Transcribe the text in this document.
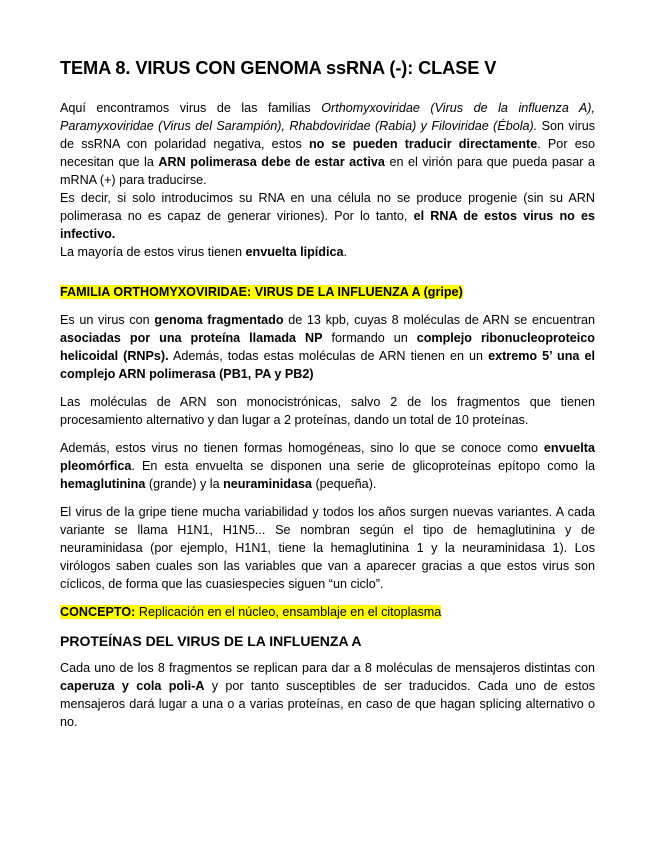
TEMA 8. VIRUS CON GENOMA ssRNA (-): CLASE V

Aquí encontramos virus de las familias Orthomyxoviridae (Virus de la influenza A), Paramyxoviridae (Virus del Sarampión), Rhabdoviridae (Rabia) y Filoviridae (Ébola). Son virus de ssRNA con polaridad negativa, estos no se pueden traducir directamente. Por eso necesitan que la ARN polimerasa debe de estar activa en el virión para que pueda pasar a mRNA (+) para traducirse.

Es decir, si solo introducimos su RNA en una célula no se produce progenie (sin su ARN polimerasa no es capaz de generar viriones). Por lo tanto, el RNA de estos virus no es infectivo.

La mayoría de estos virus tienen envuelta lipídica.

FAMILIA ORTHOMYXOVIRIDAE: VIRUS DE LA INFLUENZA A (gripe)

Es un virus con genoma fragmentado de 13 kpb, cuyas 8 moléculas de ARN se encuentran asociadas por una proteína llamada NP formando un complejo ribonucleoproteico helicoidal (RNPs). Además, todas estas moléculas de ARN tienen en un extremo 5’ una el complejo ARN polimerasa (PB1, PA y PB2)

Las moléculas de ARN son monocistrónicas, salvo 2 de los fragmentos que tienen procesamiento alternativo y dan lugar a 2 proteínas, dando un total de 10 proteínas.

Además, estos virus no tienen formas homogéneas, sino lo que se conoce como envuelta pleomórfica. En esta envuelta se disponen una serie de glicoproteínas epítopo como la hemaglutinina (grande) y la neuraminidasa (pequeña).

El virus de la gripe tiene mucha variabilidad y todos los años surgen nuevas variantes. A cada variante se llama H1N1, H1N5... Se nombran según el tipo de hemaglutinina y de neuraminidasa (por ejemplo, H1N1, tiene la hemaglutinina 1 y la neuraminidasa 1). Los virólogos saben cuales son las variables que van a aparecer gracias a que estos virus son cíclicos, de forma que las cuasiespecies siguen “un ciclo”.

CONCEPTO: Replicación en el núcleo, ensamblaje en el citoplasma

PROTEÍNAS DEL VIRUS DE LA INFLUENZA A

Cada uno de los 8 fragmentos se replican para dar a 8 moléculas de mensajeros distintas con caperuza y cola poli-A y por tanto susceptibles de ser traducidos. Cada uno de estos mensajeros dará lugar a una o a varias proteínas, en caso de que hagan splicing alternativo o no.
